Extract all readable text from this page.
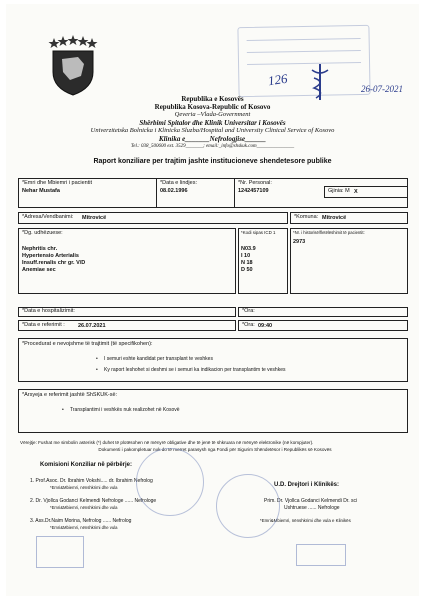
126
26-07-2021
Republika e Kosovës
Republika Kosova-Republic of Kosovo
Qeveria –Vlada-Government
Shërbimi Spitalor dhe Klinik Universitar i Kosovës
Univerzitetska Bolnicka i Klinicka Sluzba/Hospital and University Clinical Service of Kosovo
Klinika e_______Nefrologjise______
Tel.: 038_500600 ext. 3529_______; email:_info@shskuk.com_______________
Raport konziliare per trajtim jashte institucioneve shendetesore publike
*Emri dhe Mbiemri i pacientit
Nehar Mustafa
*Data e lindjes:
08.02.1996
*Nr. Personal:
1242457109	Gjinia: M X
*Adresa/Vendbanimi: Mitrovicë	*Komuna: Mitrovicë
*Dg. udhëzuese:
Nephritis chr.
Hypertensio Arterialis
Insuff.renalis chr gr. V/D
Anemiae sec
*Kodi sipas ICD 1
N03.9
I 10
N 18
D 50
*Nr. i historisë/fletëlëshimit të pacientit:
2973
*Data e hospitalizimit:	*Ora:
*Data e referimit : 26.07.2021	*Ora: 09:40
*Procedurat e nevojshme të trajtimit (të specifikohen):
• I semuri eshte kandidat per transplant te veshkes
• Ky raport leshohet si deshmi se i semuri ka indikacion per transplantim te veshkes
*Arsyeja e referimit jashtë ShSKUK-së:
• Transplantimi i veshkës nuk realizohet në Kosovë
Vërejtje: Fushat me simbolin asterisk (*) duhet të plotësohen në mënyrë obligative dhe të jenë të shkruara në mënyrë elektronike (në kompjuter).
Dokumenti i pakompletuar nuk do të merret parasysh nga Fondi për Sigurim Shëndetësor i Republikës së Kosovës
Komisioni Konziliar në përbërje:
1. Prof.Asoc. Dr. Ibrahim Vokshi..... dr. Ibrahim Nefrolog
*Emri&Mbiemri, nënshkrimi dhe vula
2. Dr. Vjollca Godanci Kelmendi Nefrologe ...... Nefrologe
*Emri&Mbiemri, nënshkrimi dhe vula
3. Ass.Dr.Naim Morina, Nefrolog ...... Nefrolog
*Emri&Mbiemri, nënshkrimi dhe vula
U.D. Drejtori i Klinikës:
Prim. Dr. Vjollca Godanci Kelmendi Dr. sci
Ushtruese ...... Nefrologe
*Emri&Mbiemri, nënshkrimi dhe vula e Klinikës
